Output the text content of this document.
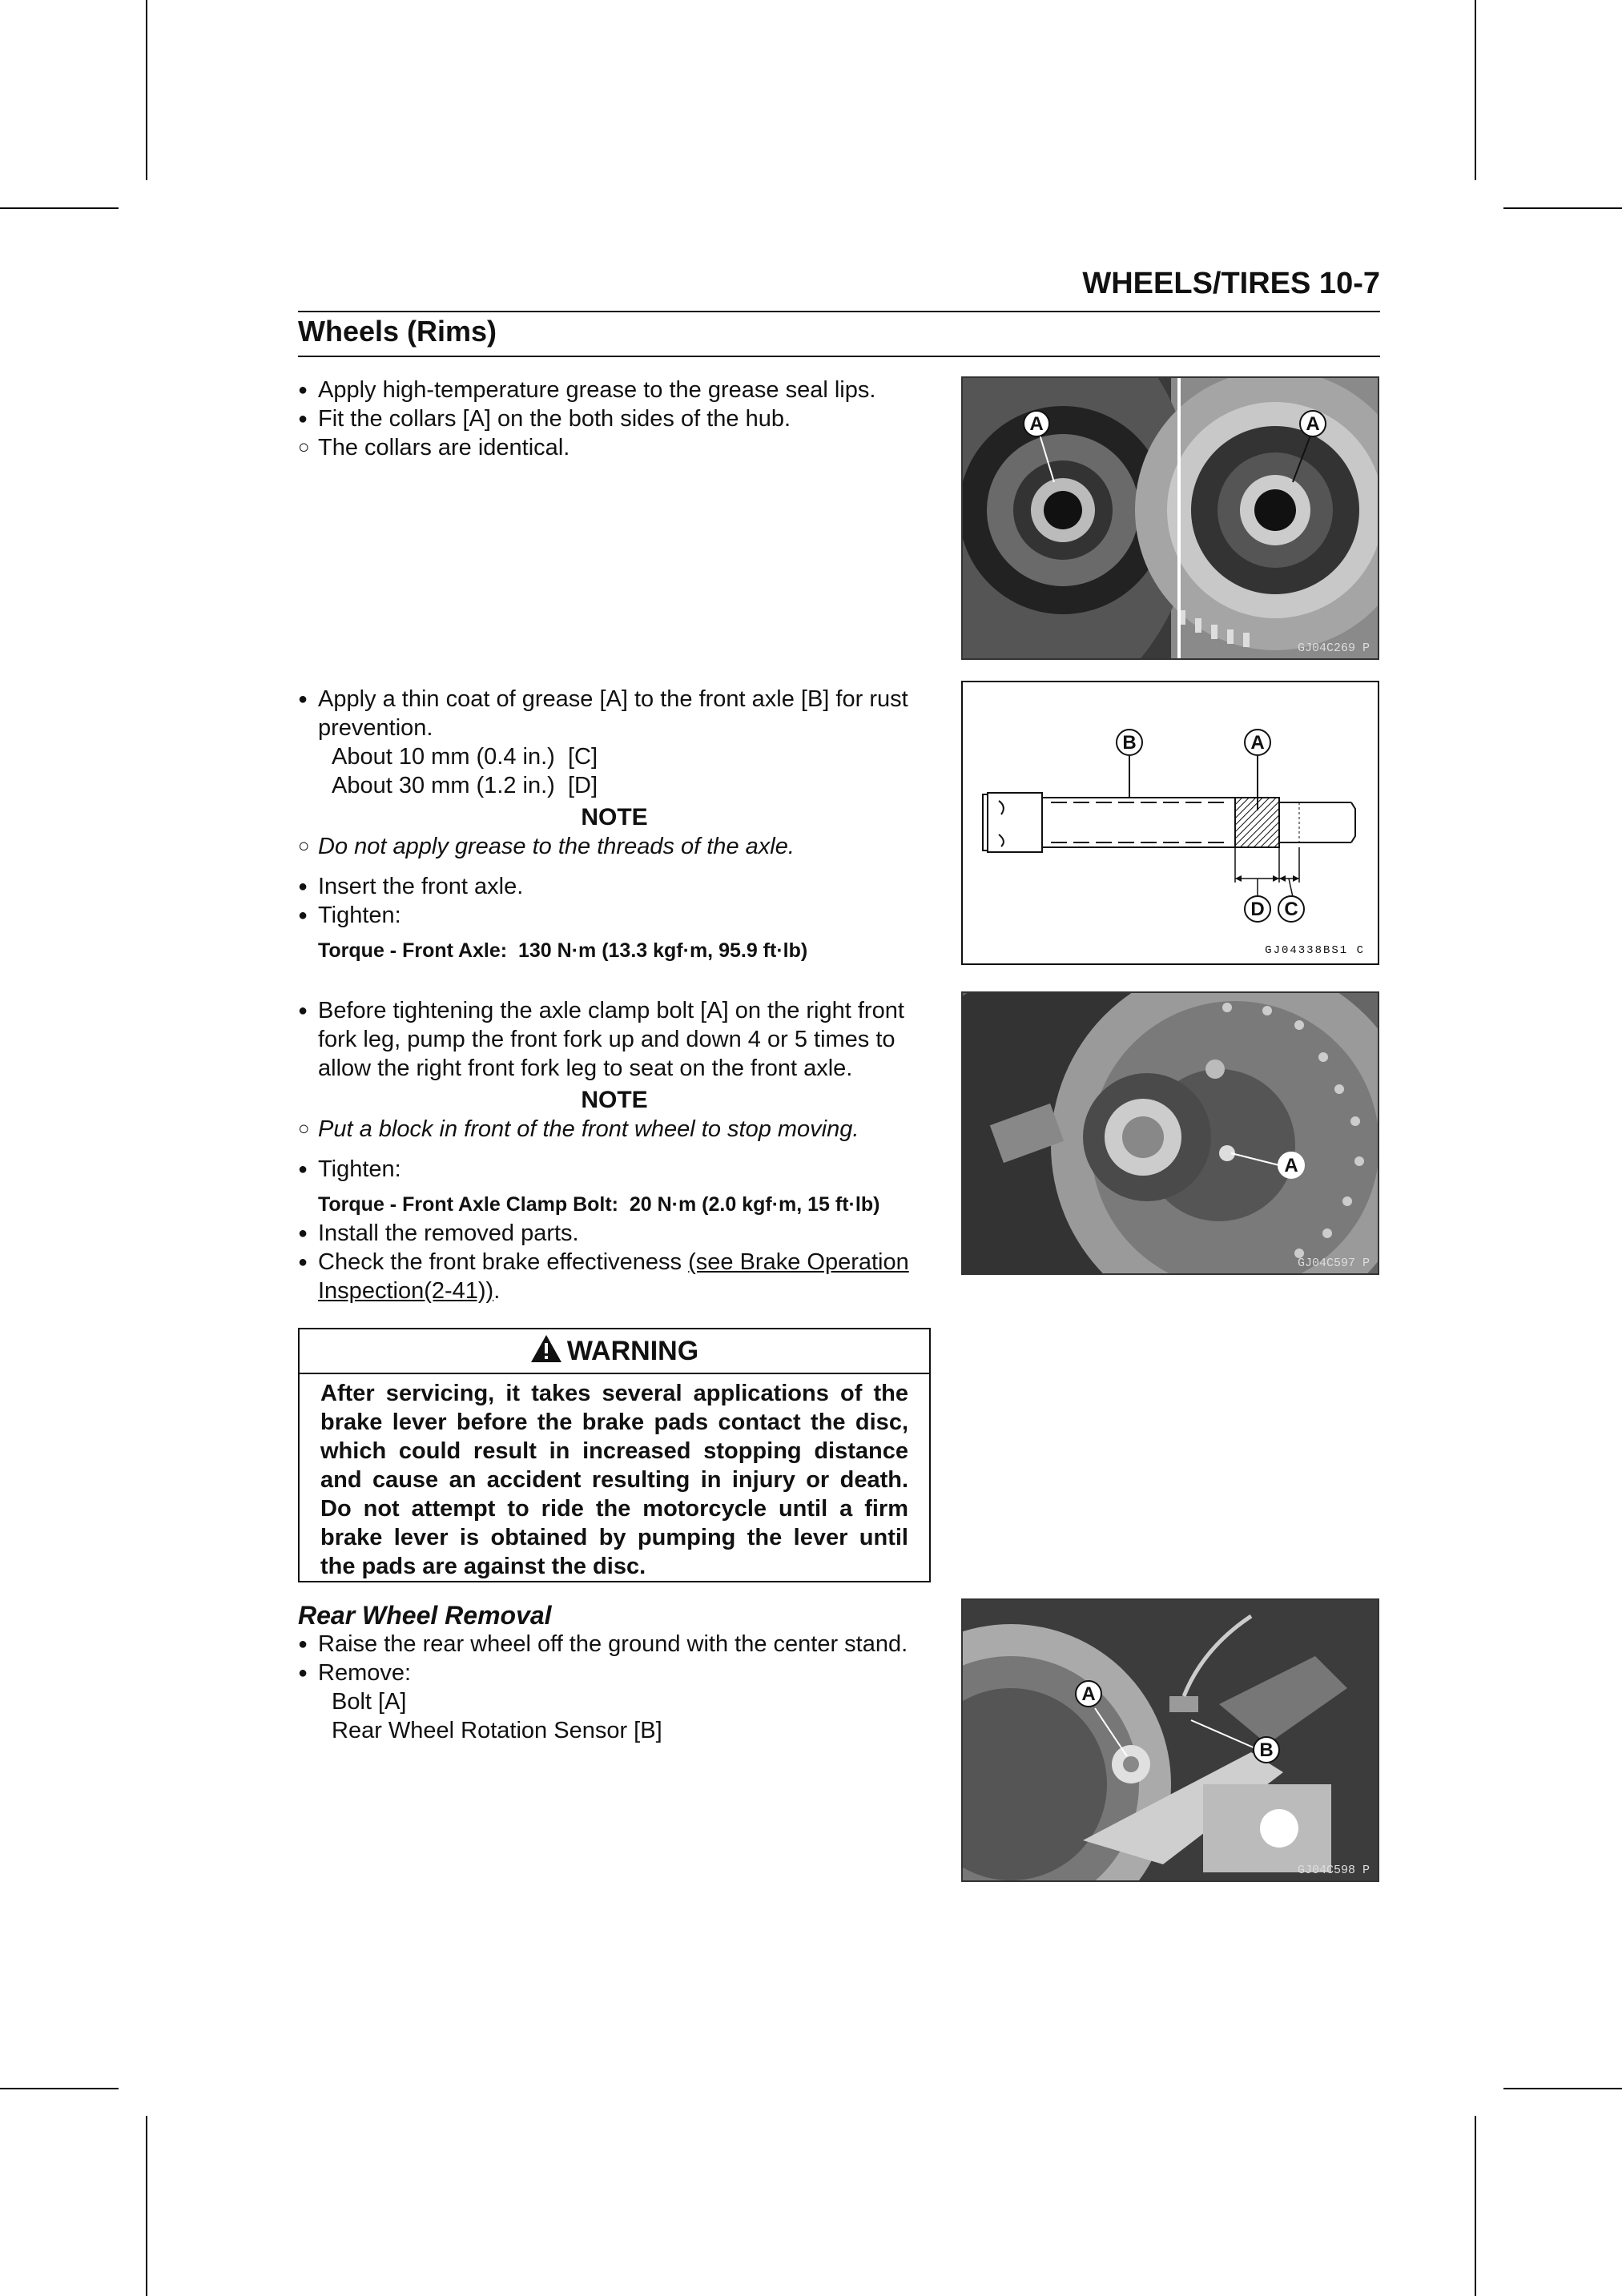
WHEELS/TIRES 10-7
Wheels (Rims)
● Apply high-temperature grease to the grease seal lips.
● Fit the collars [A] on the both sides of the hub.
○ The collars are identical.
● Apply a thin coat of grease [A] to the front axle [B] for rust prevention.
About 10 mm (0.4 in.)  [C]
About 30 mm (1.2 in.)  [D]
NOTE
○ Do not apply grease to the threads of the axle.
● Insert the front axle.
● Tighten:
Torque - Front Axle:  130 N·m (13.3 kgf·m, 95.9 ft·lb)
● Before tightening the axle clamp bolt [A] on the right front fork leg, pump the front fork up and down 4 or 5 times to allow the right front fork leg to seat on the front axle.
NOTE
○ Put a block in front of the front wheel to stop moving.
● Tighten:
Torque - Front Axle Clamp Bolt:  20 N·m (2.0 kgf·m, 15 ft·lb)
● Install the removed parts.
● Check the front brake effectiveness (see Brake Operation Inspection(2-41)).
WARNING
After servicing, it takes several applications of the brake lever before the brake pads contact the disc, which could result in increased stopping distance and cause an accident resulting in injury or death. Do not attempt to ride the motorcycle until a firm brake lever is obtained by pumping the lever until the pads are against the disc.
Rear Wheel Removal
● Raise the rear wheel off the ground with the center stand.
● Remove:
Bolt [A]
Rear Wheel Rotation Sensor [B]
A	A
GJ04C269 P
B	A
D	C
GJ04338BS1 C
A
GJ04C597 P
A
B
GJ04C598 P
